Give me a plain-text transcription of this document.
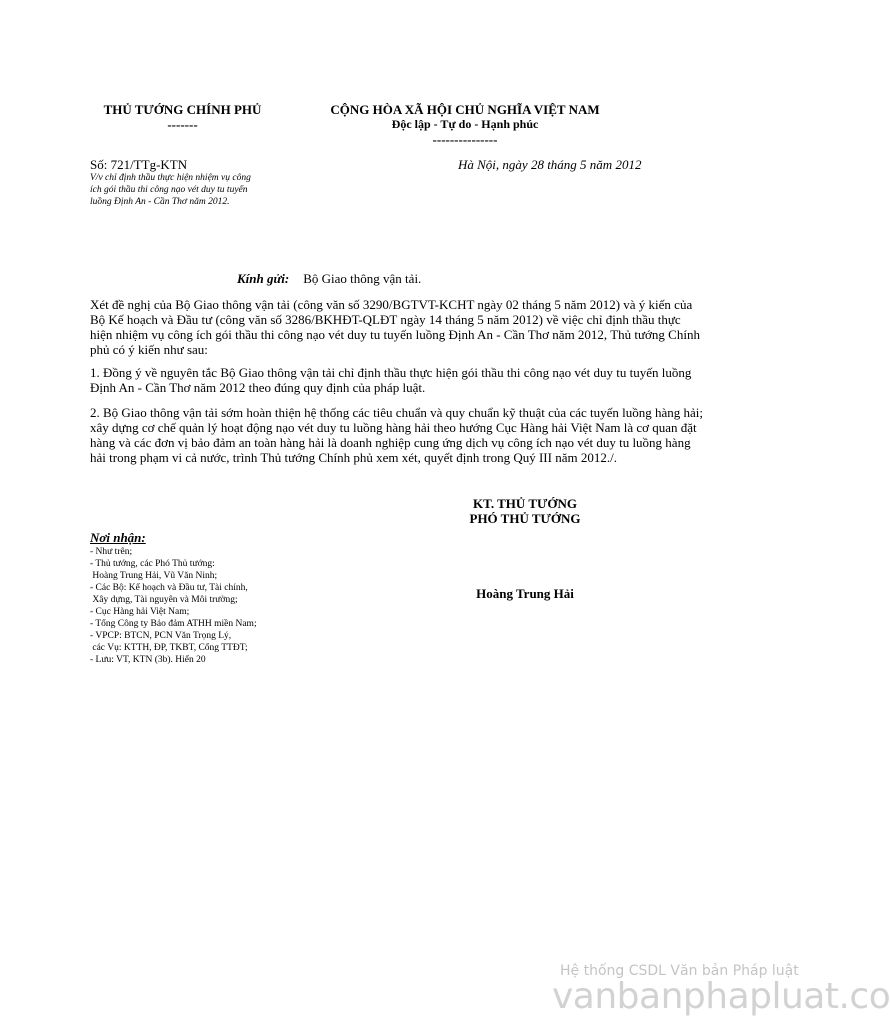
THỦ TƯỚNG CHÍNH PHỦ
-------
CỘNG HÒA XÃ HỘI CHỦ NGHĨA VIỆT NAM
Độc lập - Tự do - Hạnh phúc
---------------
Số: 721/TTg-KTN
V/v chỉ định thầu thực hiện nhiệm vụ công ích gói thầu thi công nạo vét duy tu tuyến luồng Định An - Cần Thơ năm 2012.
Hà Nội, ngày 28 tháng 5 năm 2012
Kính gửi: Bộ Giao thông vận tải.

Xét đề nghị của Bộ Giao thông vận tải (công văn số 3290/BGTVT-KCHT ngày 02 tháng 5 năm 2012) và ý kiến của Bộ Kế hoạch và Đầu tư (công văn số 3286/BKHĐT-QLĐT ngày 14 tháng 5 năm 2012) về việc chỉ định thầu thực hiện nhiệm vụ công ích gói thầu thi công nạo vét duy tu tuyến luồng Định An - Cần Thơ năm 2012, Thủ tướng Chính phủ có ý kiến như sau:

1. Đồng ý về nguyên tắc Bộ Giao thông vận tải chỉ định thầu thực hiện gói thầu thi công nạo vét duy tu tuyến luồng Định An - Cần Thơ năm 2012 theo đúng quy định của pháp luật.

2. Bộ Giao thông vận tải sớm hoàn thiện hệ thống các tiêu chuẩn và quy chuẩn kỹ thuật của các tuyến luồng hàng hải; xây dựng cơ chế quản lý hoạt động nạo vét duy tu luồng hàng hải theo hướng Cục Hàng hải Việt Nam là cơ quan đặt hàng và các đơn vị bảo đảm an toàn hàng hải là doanh nghiệp cung ứng dịch vụ công ích nạo vét duy tu luồng hàng hải trong phạm vi cả nước, trình Thủ tướng Chính phủ xem xét, quyết định trong Quý III năm 2012./.

KT. THỦ TƯỚNG
PHÓ THỦ TƯỚNG
Hoàng Trung Hải
Nơi nhận:
- Như trên;
- Thủ tướng, các Phó Thủ tướng:
Hoàng Trung Hải, Vũ Văn Ninh;
- Các Bộ: Kế hoạch và Đầu tư, Tài chính,
Xây dựng, Tài nguyên và Môi trường;
- Cục Hàng hải Việt Nam;
- Tổng Công ty Bảo đảm ATHH miền Nam;
- VPCP: BTCN, PCN Văn Trọng Lý,
các Vụ: KTTH, ĐP, TKBT, Cổng TTĐT;
- Lưu: VT, KTN (3b). Hiển 20
Hệ thống CSDL Văn bản Pháp luật
vanbanphapluat.co
